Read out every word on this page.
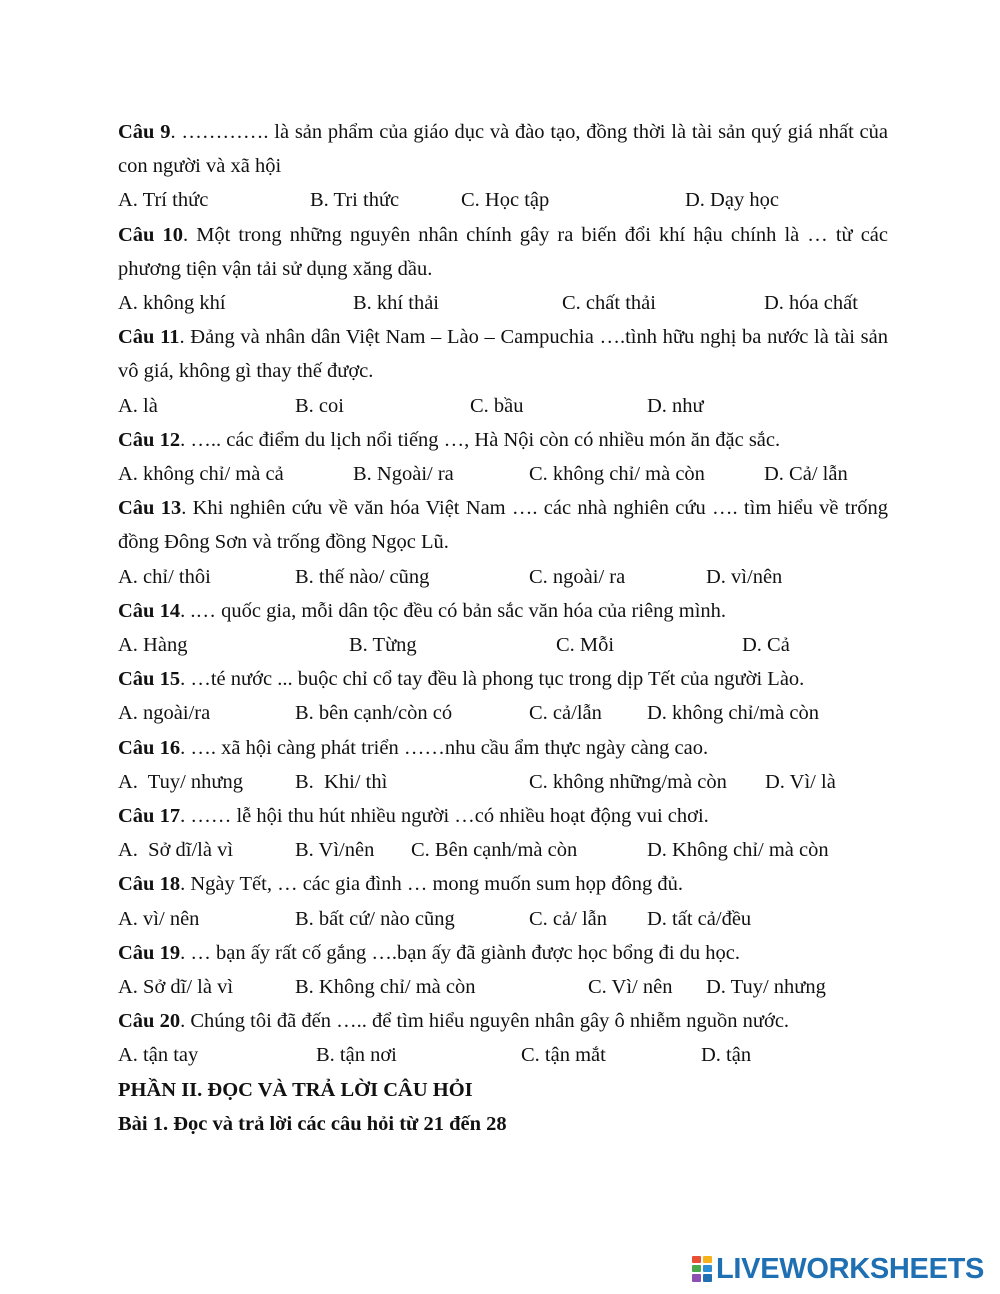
Câu 9. …………. là sản phẩm của giáo dục và đào tạo, đồng thời là tài sản quý giá nhất của con người và xã hội
A. Trí thức	B. Tri thức	C. Học tập	D. Dạy học
Câu 10. Một trong những nguyên nhân chính gây ra biến đổi khí hậu chính là … từ các phương tiện vận tải sử dụng xăng dầu.
A. không khí	B. khí thải	C. chất thải	D. hóa chất
Câu 11. Đảng và nhân dân Việt Nam – Lào – Campuchia ….tình hữu nghị ba nước là tài sản vô giá, không gì thay thế được.
A. là	B. coi	C. bầu	D. như
Câu 12. ….. các điểm du lịch nổi tiếng …, Hà Nội còn có nhiều món ăn đặc sắc.
A. không chỉ/ mà cả	B. Ngoài/ ra	C. không chỉ/ mà còn	D. Cả/ lẫn
Câu 13. Khi nghiên cứu về văn hóa Việt Nam …. các nhà nghiên cứu …. tìm hiểu về trống đồng Đông Sơn và trống đồng Ngọc Lũ.
A. chỉ/ thôi	B. thế nào/ cũng	C. ngoài/ ra	D. vì/nên
Câu 14. .… quốc gia, mỗi dân tộc đều có bản sắc văn hóa của riêng mình.
A. Hàng	B. Từng	C. Mỗi	D. Cả
Câu 15. …té nước ... buộc chỉ cổ tay đều là phong tục trong dịp Tết của người Lào.
A. ngoài/ra	B. bên cạnh/còn có	C. cả/lẫn D. không chỉ/mà còn
Câu 16. …. xã hội càng phát triển ……nhu cầu ẩm thực ngày càng cao.
A.  Tuy/ nhưng	B.  Khi/ thì	C. không những/mà còn D. Vì/ là
Câu 17. …… lễ hội thu hút nhiều người …có nhiều hoạt động vui chơi.
A.  Sở dĩ/là vì	B. Vì/nên C. Bên cạnh/mà còn	D. Không chỉ/ mà còn
Câu 18. Ngày Tết, … các gia đình … mong muốn sum họp đông đủ.
A. vì/ nên	B. bất cứ/ nào cũng	C. cả/ lẫn D. tất cả/đều
Câu 19. … bạn ấy rất cố gắng ….bạn ấy đã giành được học bổng đi du học.
A. Sở dĩ/ là vì	B. Không chỉ/ mà còn	C. Vì/ nên D. Tuy/ nhưng
Câu 20. Chúng tôi đã đến ….. để tìm hiểu nguyên nhân gây ô nhiễm nguồn nước.
A. tận tay	B. tận nơi	C. tận mắt	D. tận
PHẦN II. ĐỌC VÀ TRẢ LỜI CÂU HỎI
Bài 1. Đọc và trả lời các câu hỏi từ 21 đến 28
LIVEWORKSHEETS
